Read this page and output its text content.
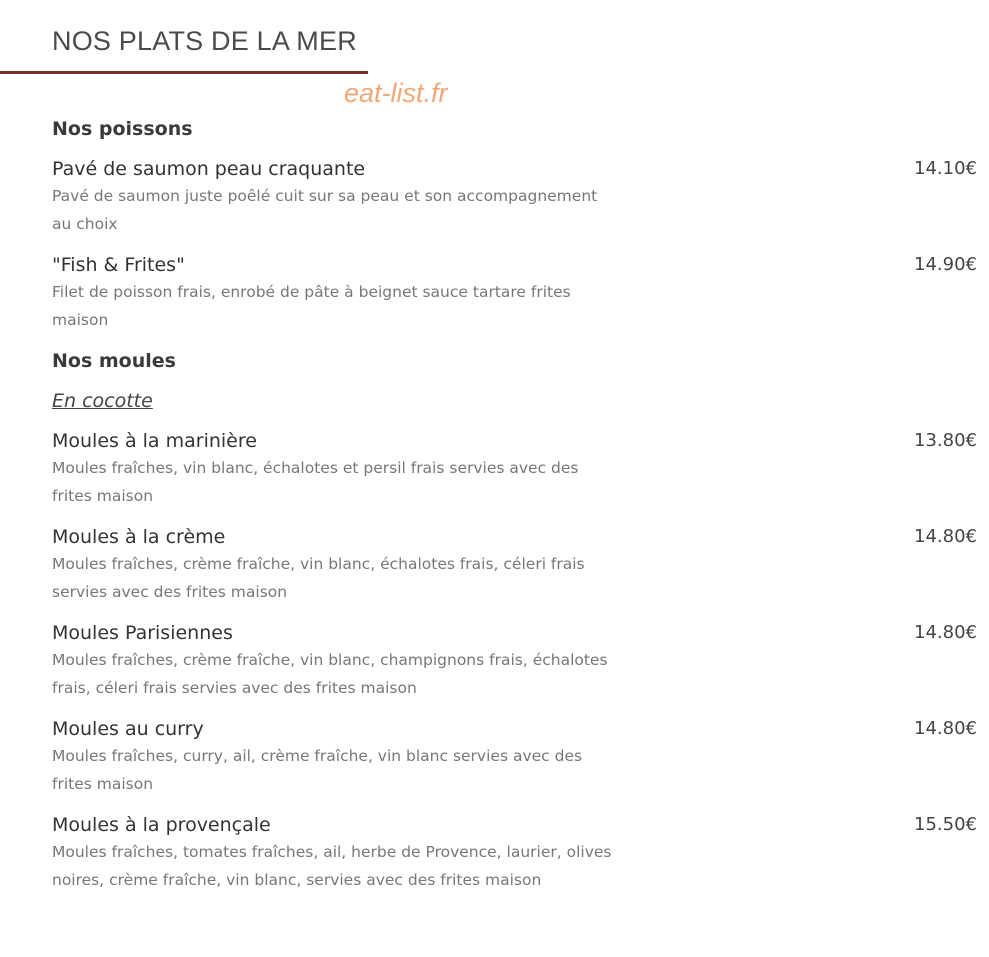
NOS PLATS DE LA MER
eat-list.fr
Nos poissons
Pavé de saumon peau craquante
Pavé de saumon juste poêlé cuit sur sa peau et son accompagnement au choix
14.10€
"Fish & Frites"
Filet de poisson frais, enrobé de pâte à beignet sauce tartare frites maison
14.90€
Nos moules
En cocotte
Moules à la marinière
Moules fraîches, vin blanc, échalotes et persil frais servies avec des frites maison
13.80€
Moules à la crème
Moules fraîches, crème fraîche, vin blanc, échalotes frais, céleri frais servies avec des frites maison
14.80€
Moules Parisiennes
Moules fraîches, crème fraîche, vin blanc, champignons frais, échalotes frais, céleri frais servies avec des frites maison
14.80€
Moules au curry
Moules fraîches, curry, ail, crème fraîche, vin blanc servies avec des frites maison
14.80€
Moules à la provençale
Moules fraîches, tomates fraîches, ail, herbe de Provence, laurier, olives noires, crème fraîche, vin blanc, servies avec des frites maison
15.50€
